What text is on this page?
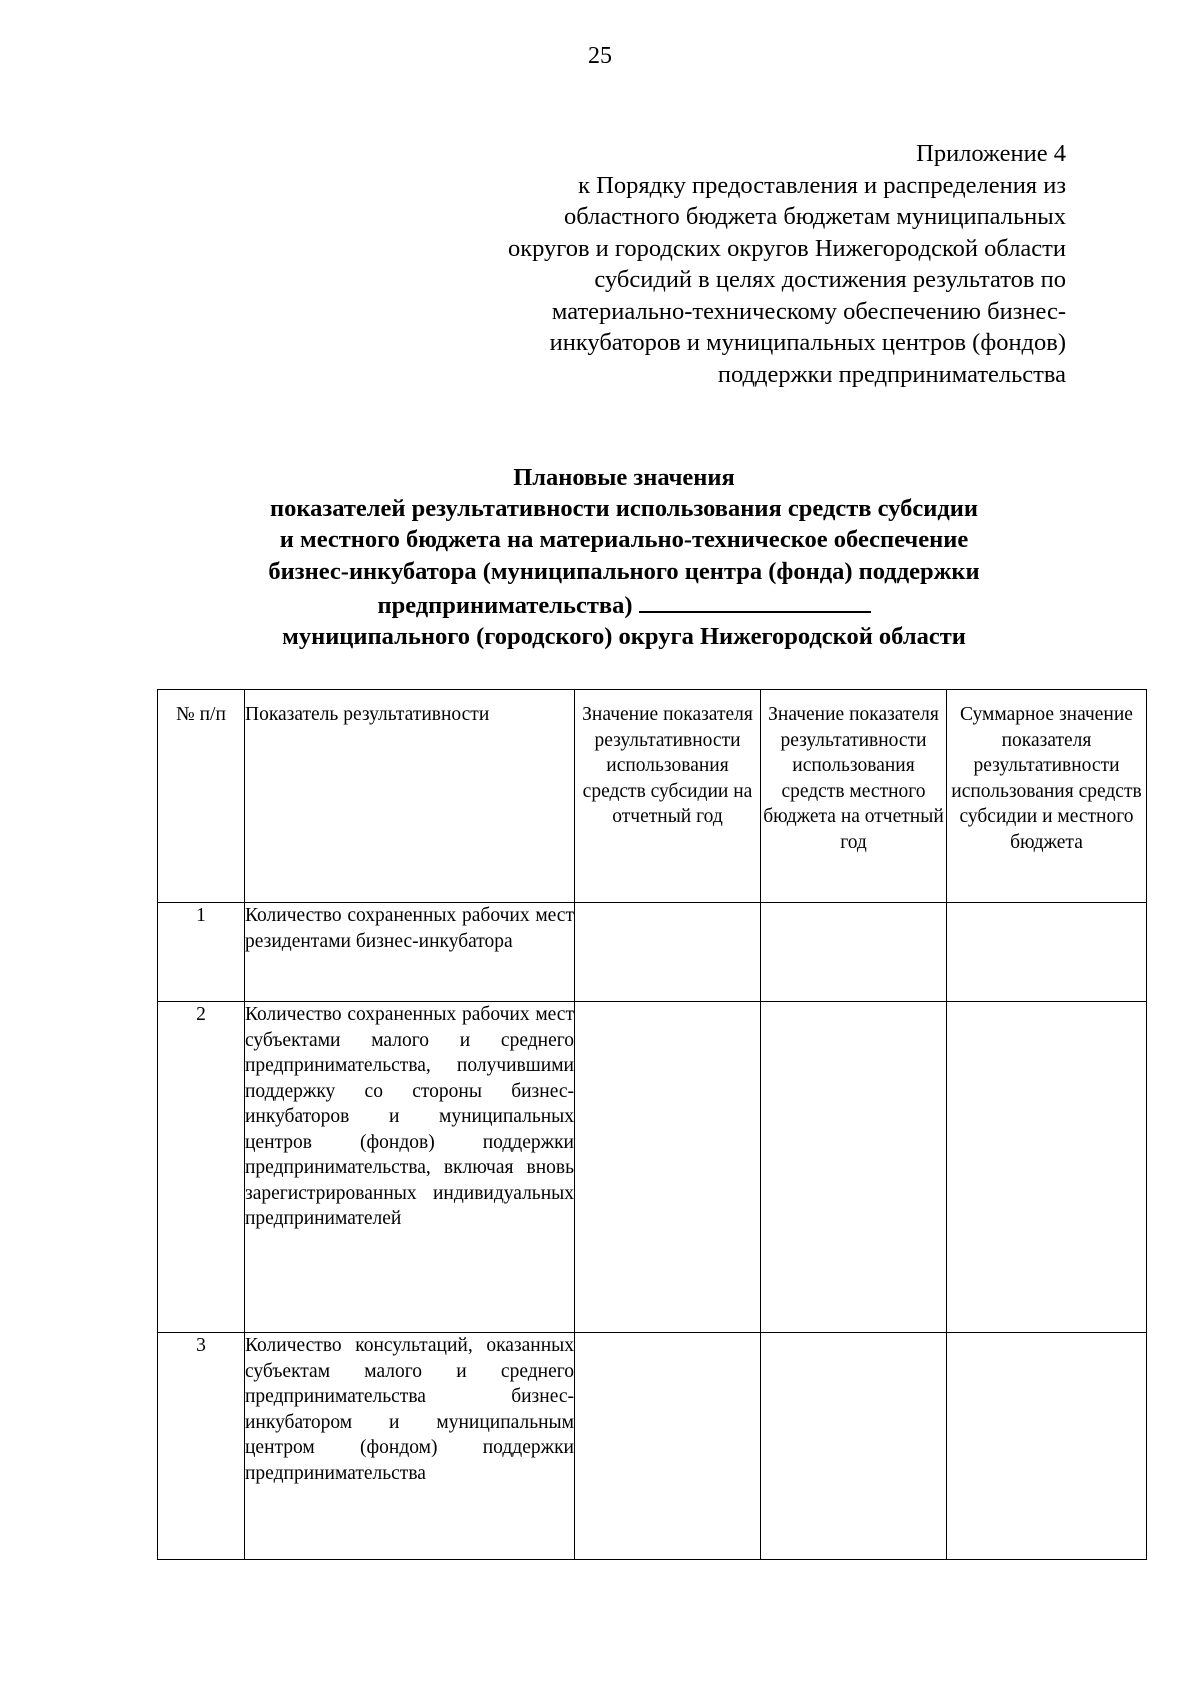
25
Приложение 4
к Порядку предоставления и распределения из
областного бюджета бюджетам муниципальных
округов и городских округов Нижегородской области
субсидий в целях достижения результатов по
материально-техническому обеспечению бизнес-
инкубаторов и муниципальных центров (фондов)
поддержки предпринимательства
Плановые значения
показателей результативности использования средств субсидии
и местного бюджета на материально-техническое обеспечение
бизнес-инкубатора (муниципального центра (фонда) поддержки
предпринимательства)
муниципального (городского) округа Нижегородской области
№ п/п	Показатель результативности	Значение показателя результативности использования средств субсидии на отчетный год	Значение показателя результативности использования средств местного бюджета на отчетный год	Суммарное значение показателя результативности использования средств субсидии и местного бюджета
1	Количество сохраненных рабочих мест резидентами бизнес-инкубатора			
2	Количество сохраненных рабочих мест субъектами малого и среднего предпринимательства, получившими поддержку со стороны бизнес-инкубаторов и муниципальных центров (фондов) поддержки предпринимательства, включая вновь зарегистрированных индивидуальных предпринимателей			
3	Количество консультаций, оказанных субъектам малого и среднего предпринимательства бизнес-инкубатором и муниципальным центром (фондом) поддержки предпринимательства			
